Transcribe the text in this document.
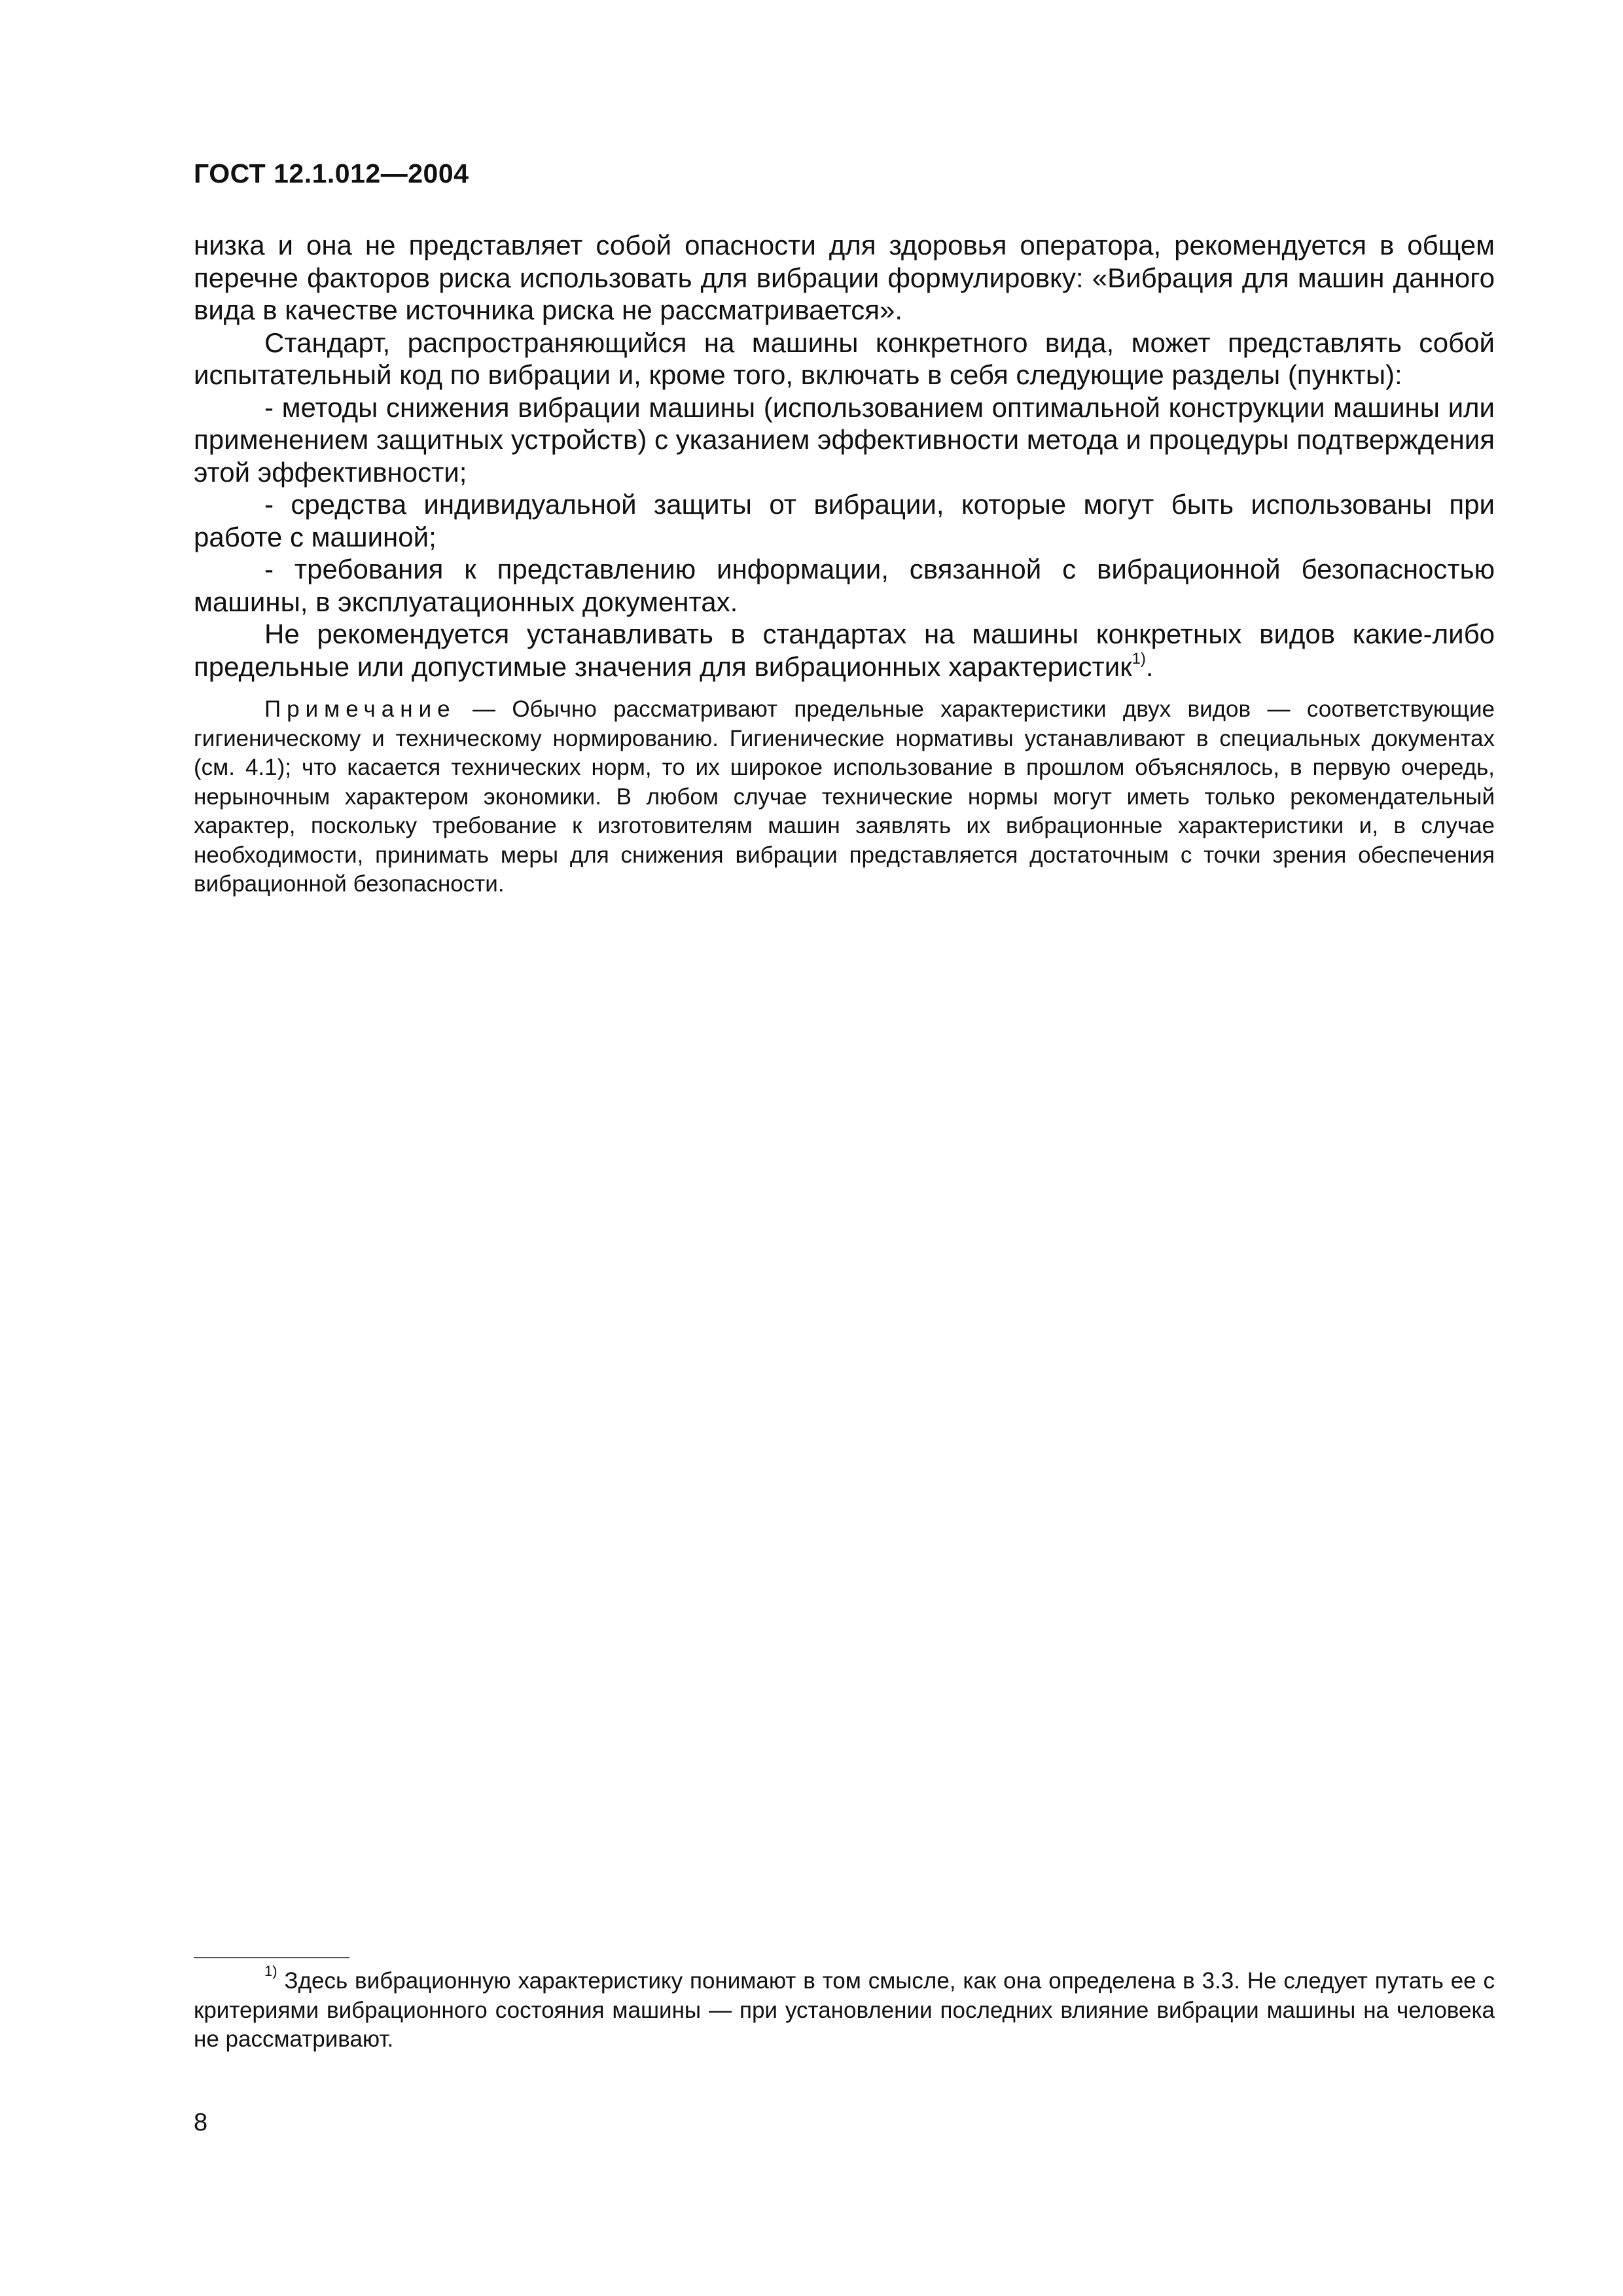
ГОСТ 12.1.012—2004

низка и она не представляет собой опасности для здоровья оператора, рекомендуется в общем перечне факторов риска использовать для вибрации формулировку: «Вибрация для машин данного вида в качестве источника риска не рассматривается».

Стандарт, распространяющийся на машины конкретного вида, может представлять собой испытательный код по вибрации и, кроме того, включать в себя следующие разделы (пункты):

- методы снижения вибрации машины (использованием оптимальной конструкции машины или применением защитных устройств) с указанием эффективности метода и процедуры подтверждения этой эффективности;

- средства индивидуальной защиты от вибрации, которые могут быть использованы при работе с машиной;

- требования к представлению информации, связанной с вибрационной безопасностью машины, в эксплуатационных документах.

Не рекомендуется устанавливать в стандартах на машины конкретных видов какие-либо предельные или допустимые значения для вибрационных характеристик$^{1)}$.

Примечание — Обычно рассматривают предельные характеристики двух видов — соответствующие гигиеническому и техническому нормированию. Гигиенические нормативы устанавливают в специальных документах (см. 4.1); что касается технических норм, то их широкое использование в прошлом объяснялось, в первую очередь, нерыночным характером экономики. В любом случае технические нормы могут иметь только рекомендательный характер, поскольку требование к изготовителям машин заявлять их вибрационные характеристики и, в случае необходимости, принимать меры для снижения вибрации представляется достаточным с точки зрения обеспечения вибрационной безопасности.

$^{1)}$ Здесь вибрационную характеристику понимают в том смысле, как она определена в 3.3. Не следует путать ее с критериями вибрационного состояния машины — при установлении последних влияние вибрации машины на человека не рассматривают.

8
